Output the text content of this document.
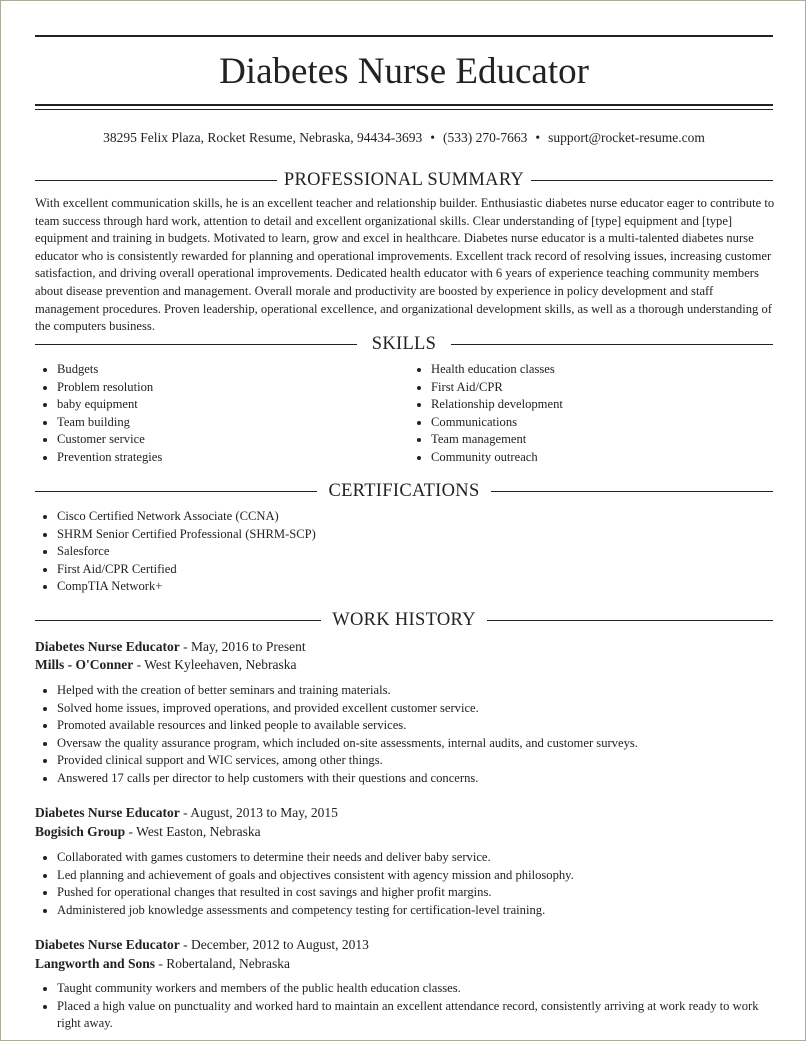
Diabetes Nurse Educator
38295 Felix Plaza, Rocket Resume, Nebraska, 94434-3693 • (533) 270-7663 • support@rocket-resume.com
PROFESSIONAL SUMMARY
With excellent communication skills, he is an excellent teacher and relationship builder. Enthusiastic diabetes nurse educator eager to contribute to team success through hard work, attention to detail and excellent organizational skills. Clear understanding of [type] equipment and [type] equipment and training in budgets. Motivated to learn, grow and excel in healthcare. Diabetes nurse educator is a multi-talented diabetes nurse educator who is consistently rewarded for planning and operational improvements. Excellent track record of resolving issues, increasing customer satisfaction, and driving overall operational improvements. Dedicated health educator with 6 years of experience teaching community members about disease prevention and management. Overall morale and productivity are boosted by experience in policy development and staff management procedures. Proven leadership, operational excellence, and organizational development skills, as well as a thorough understanding of the computers business.
SKILLS
Budgets
Problem resolution
baby equipment
Team building
Customer service
Prevention strategies
Health education classes
First Aid/CPR
Relationship development
Communications
Team management
Community outreach
CERTIFICATIONS
Cisco Certified Network Associate (CCNA)
SHRM Senior Certified Professional (SHRM-SCP)
Salesforce
First Aid/CPR Certified
CompTIA Network+
WORK HISTORY
Diabetes Nurse Educator - May, 2016 to Present
Mills - O'Conner - West Kyleehaven, Nebraska
Helped with the creation of better seminars and training materials.
Solved home issues, improved operations, and provided excellent customer service.
Promoted available resources and linked people to available services.
Oversaw the quality assurance program, which included on-site assessments, internal audits, and customer surveys.
Provided clinical support and WIC services, among other things.
Answered 17 calls per director to help customers with their questions and concerns.
Diabetes Nurse Educator - August, 2013 to May, 2015
Bogisich Group - West Easton, Nebraska
Collaborated with games customers to determine their needs and deliver baby service.
Led planning and achievement of goals and objectives consistent with agency mission and philosophy.
Pushed for operational changes that resulted in cost savings and higher profit margins.
Administered job knowledge assessments and competency testing for certification-level training.
Diabetes Nurse Educator - December, 2012 to August, 2013
Langworth and Sons - Robertaland, Nebraska
Taught community workers and members of the public health education classes.
Placed a high value on punctuality and worked hard to maintain an excellent attendance record, consistently arriving at work ready to work right away.
